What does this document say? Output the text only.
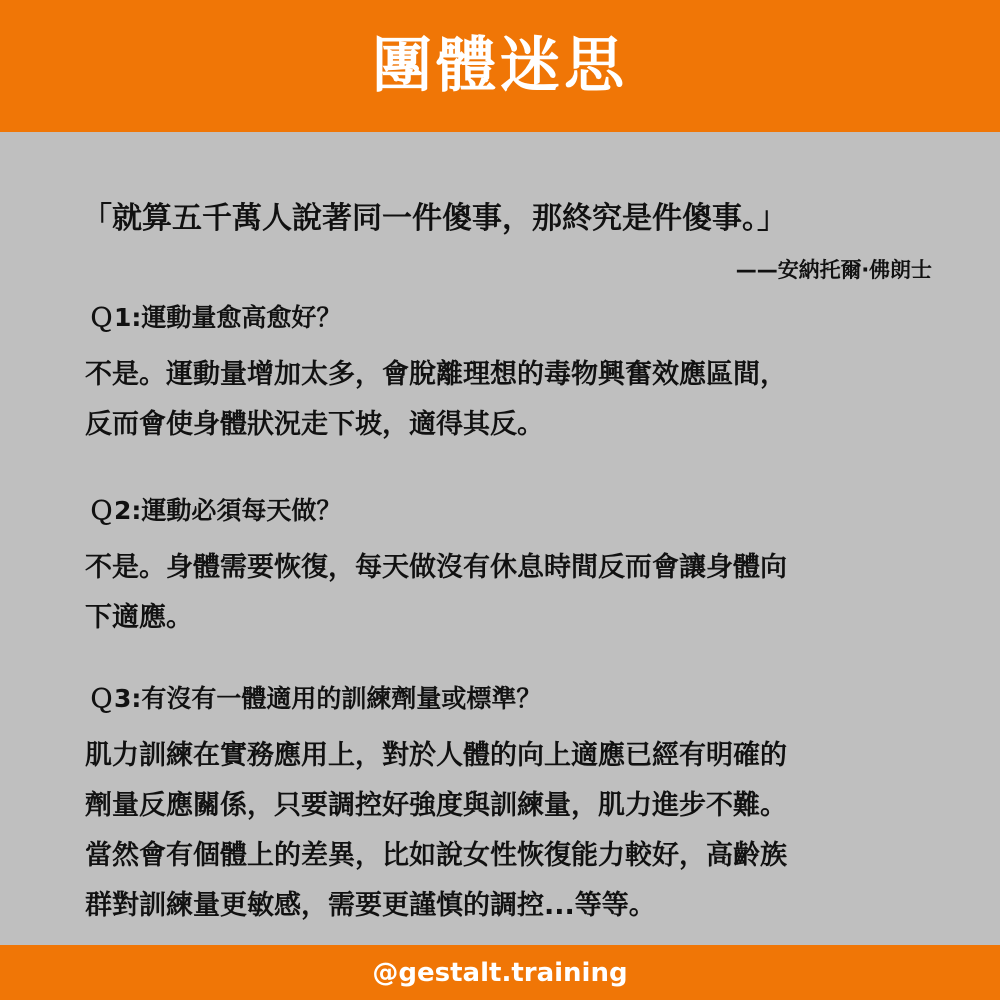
團體迷思
「就算五千萬人說著同一件傻事，那終究是件傻事。」
——安納托爾‧佛朗士
Ｑ1:運動量愈高愈好？
不是。運動量增加太多，會脫離理想的毒物興奮效應區間，
反而會使身體狀況走下坡，適得其反。
Ｑ2:運動必須每天做？
不是。身體需要恢復，每天做沒有休息時間反而會讓身體向
下適應。
Ｑ3:有沒有一體適用的訓練劑量或標準？
肌力訓練在實務應用上，對於人體的向上適應已經有明確的
劑量反應關係，只要調控好強度與訓練量，肌力進步不難。
當然會有個體上的差異，比如說女性恢復能力較好，高齡族
群對訓練量更敏感，需要更謹慎的調控...等等。
@gestalt.training
